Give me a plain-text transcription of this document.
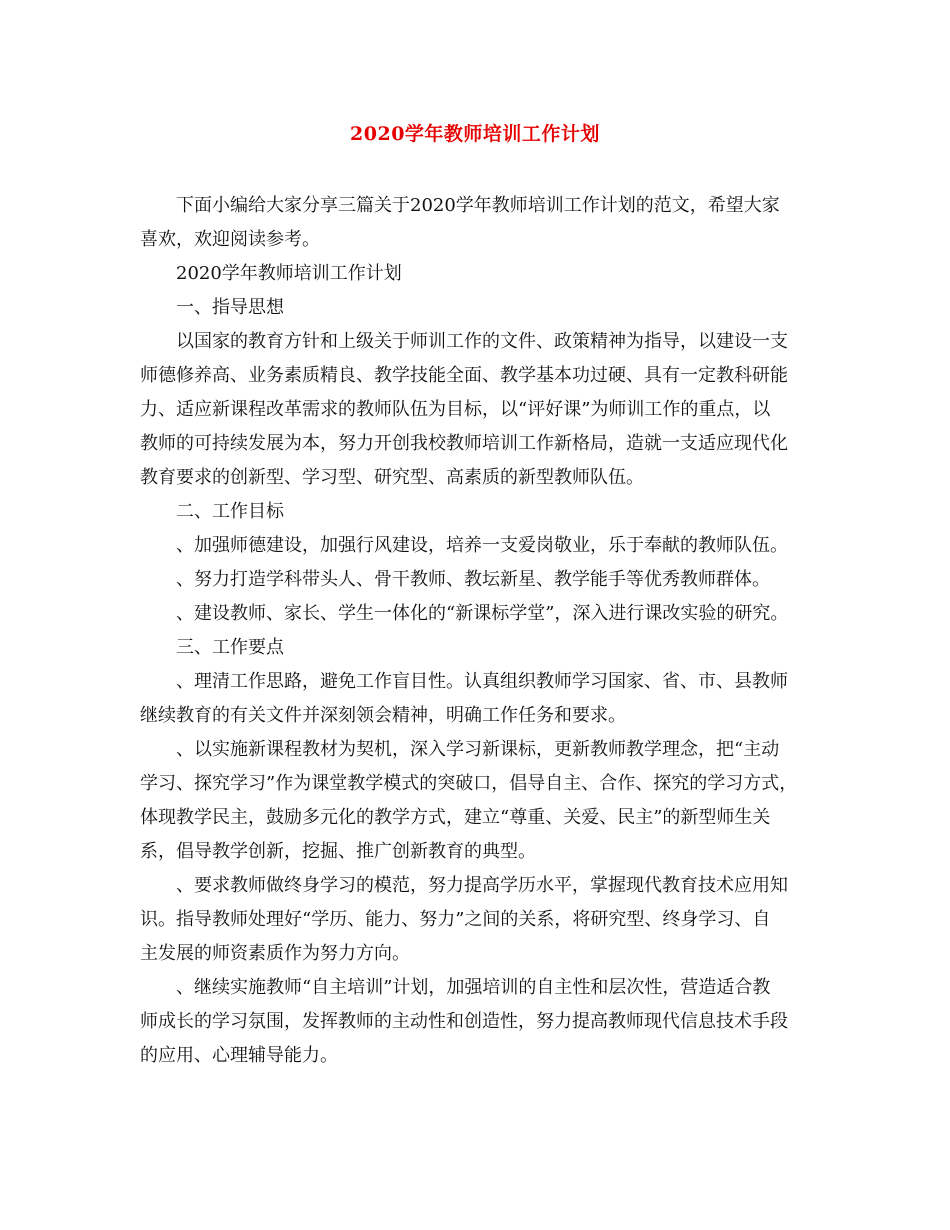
2020学年教师培训工作计划
下面小编给大家分享三篇关于2020学年教师培训工作计划的范文，希望大家
喜欢，欢迎阅读参考。
2020学年教师培训工作计划
一、指导思想
以国家的教育方针和上级关于师训工作的文件、政策精神为指导，以建设一支
师德修养高、业务素质精良、教学技能全面、教学基本功过硬、具有一定教科研能
力、适应新课程改革需求的教师队伍为目标，以“评好课”为师训工作的重点，以
教师的可持续发展为本，努力开创我校教师培训工作新格局，造就一支适应现代化
教育要求的创新型、学习型、研究型、高素质的新型教师队伍。
二、工作目标
、加强师德建设，加强行风建设，培养一支爱岗敬业，乐于奉献的教师队伍。
、努力打造学科带头人、骨干教师、教坛新星、教学能手等优秀教师群体。
、建设教师、家长、学生一体化的“新课标学堂”，深入进行课改实验的研究。
三、工作要点
、理清工作思路，避免工作盲目性。认真组织教师学习国家、省、市、县教师
继续教育的有关文件并深刻领会精神，明确工作任务和要求。
、以实施新课程教材为契机，深入学习新课标，更新教师教学理念，把“主动
学习、探究学习”作为课堂教学模式的突破口，倡导自主、合作、探究的学习方式，
体现教学民主，鼓励多元化的教学方式，建立“尊重、关爱、民主”的新型师生关
系，倡导教学创新，挖掘、推广创新教育的典型。
、要求教师做终身学习的模范，努力提高学历水平，掌握现代教育技术应用知
识。指导教师处理好“学历、能力、努力”之间的关系，将研究型、终身学习、自
主发展的师资素质作为努力方向。
、继续实施教师“自主培训”计划，加强培训的自主性和层次性，营造适合教
师成长的学习氛围，发挥教师的主动性和创造性，努力提高教师现代信息技术手段
的应用、心理辅导能力。
